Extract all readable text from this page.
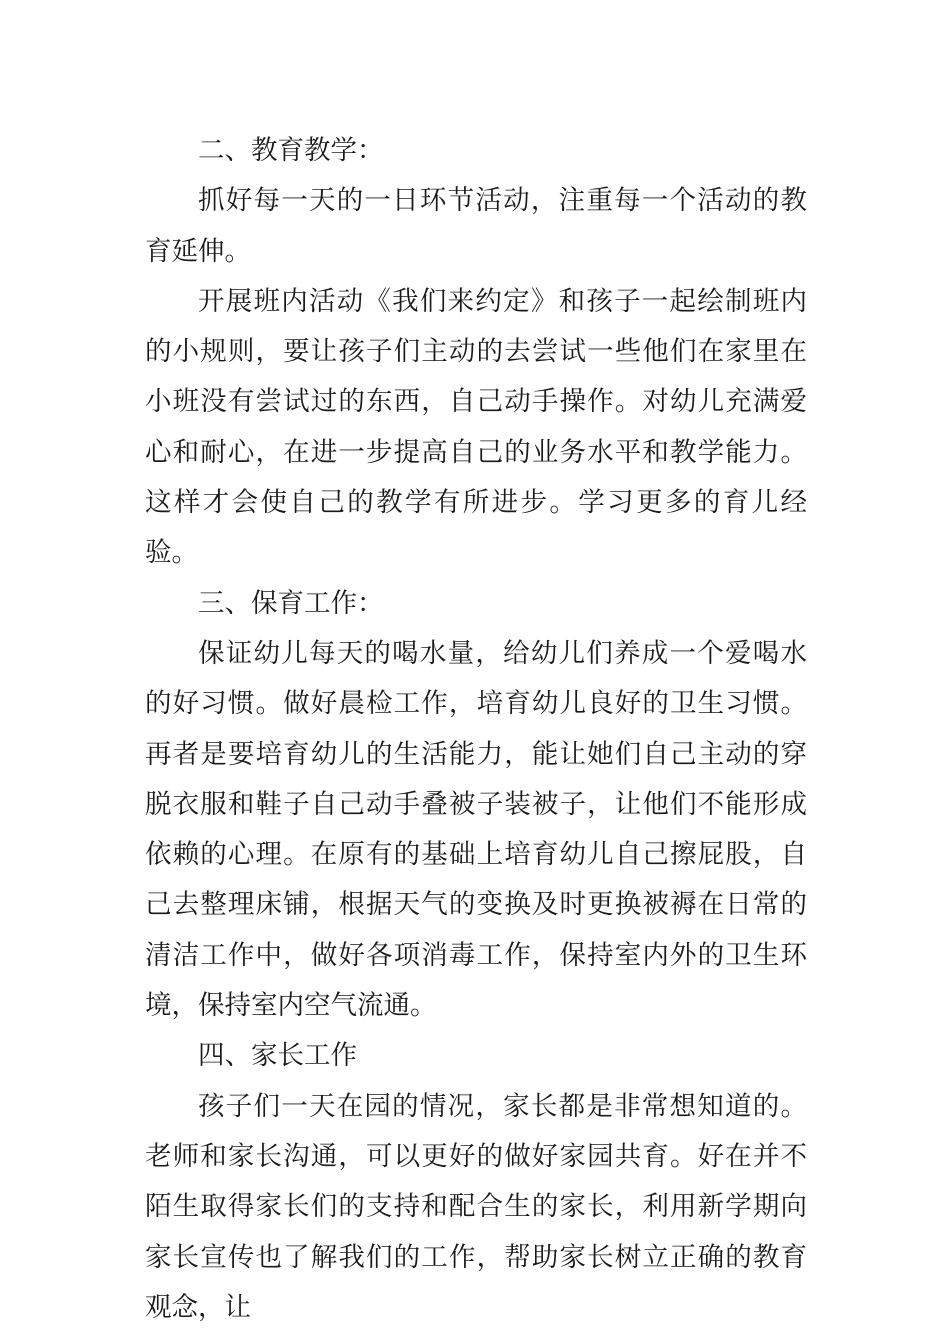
二、教育教学：

抓好每一天的一日环节活动，注重每一个活动的教育延伸。

开展班内活动《我们来约定》和孩子一起绘制班内的小规则，要让孩子们主动的去尝试一些他们在家里在小班没有尝试过的东西，自己动手操作。对幼儿充满爱心和耐心，在进一步提高自己的业务水平和教学能力。这样才会使自己的教学有所进步。学习更多的育儿经验。

三、保育工作：

保证幼儿每天的喝水量，给幼儿们养成一个爱喝水的好习惯。做好晨检工作，培育幼儿良好的卫生习惯。再者是要培育幼儿的生活能力，能让她们自己主动的穿脱衣服和鞋子自己动手叠被子装被子，让他们不能形成依赖的心理。在原有的基础上培育幼儿自己擦屁股，自己去整理床铺，根据天气的变换及时更换被褥在日常的清洁工作中，做好各项消毒工作，保持室内外的卫生环境，保持室内空气流通。

四、家长工作

孩子们一天在园的情况，家长都是非常想知道的。老师和家长沟通，可以更好的做好家园共育。好在并不陌生取得家长们的支持和配合生的家长，利用新学期向家长宣传也了解我们的工作，帮助家长树立正确的教育观念，让
